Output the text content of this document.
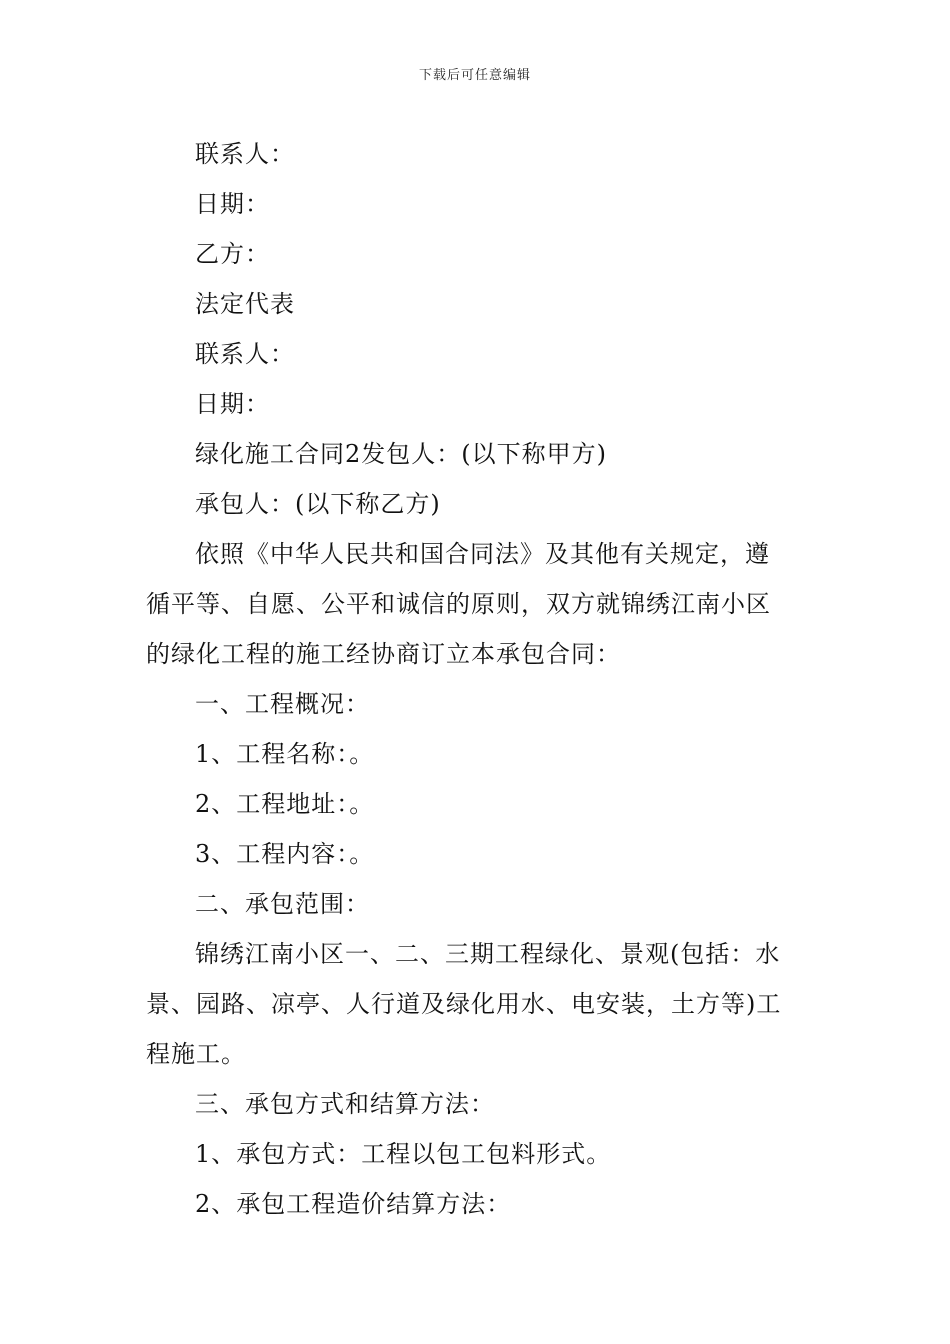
下载后可任意编辑
联系人：
日期：
乙方：
法定代表
联系人：
日期：
绿化施工合同2发包人：(以下称甲方)
承包人：(以下称乙方)
依照《中华人民共和国合同法》及其他有关规定，遵
循平等、自愿、公平和诚信的原则，双方就锦绣江南小区
的绿化工程的施工经协商订立本承包合同：
一、工程概况：
1、工程名称：。
2、工程地址：。
3、工程内容：。
二、承包范围：
锦绣江南小区一、二、三期工程绿化、景观(包括：水
景、园路、凉亭、人行道及绿化用水、电安装，土方等)工
程施工。
三、承包方式和结算方法：
1、承包方式：工程以包工包料形式。
2、承包工程造价结算方法：
